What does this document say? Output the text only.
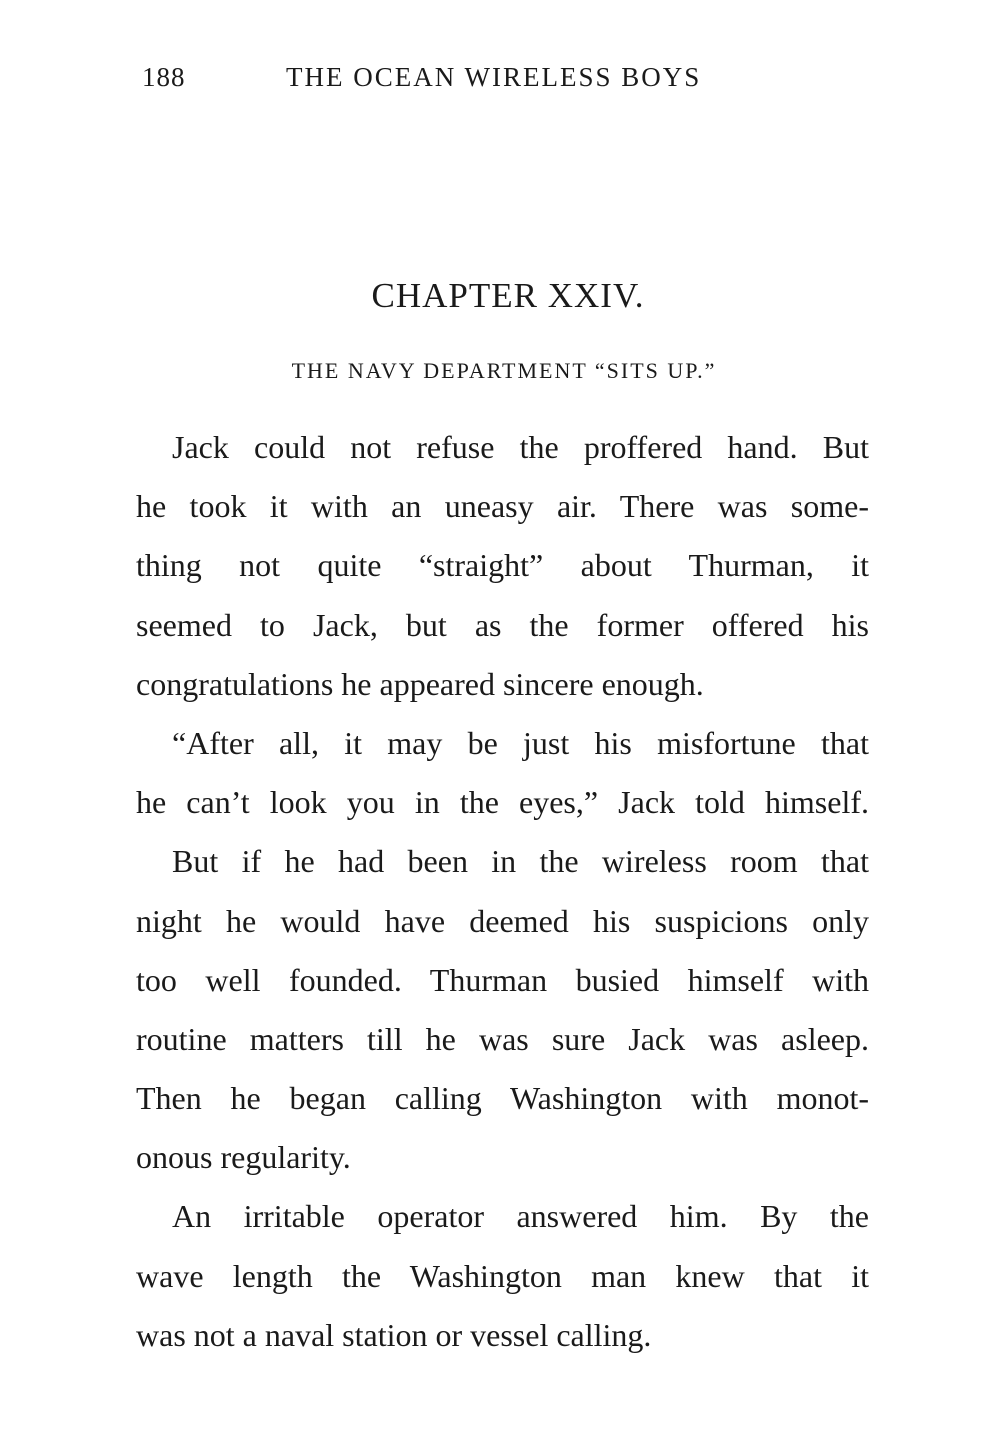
188	THE OCEAN WIRELESS BOYS
CHAPTER XXIV.
THE NAVY DEPARTMENT “SITS UP.”
Jack could not refuse the proffered hand. But
he took it with an uneasy air. There was some-
thing not quite “straight” about Thurman, it
seemed to Jack, but as the former offered his
congratulations he appeared sincere enough.
“After all, it may be just his misfortune that
he can’t look you in the eyes,” Jack told himself.
But if he had been in the wireless room that
night he would have deemed his suspicions only
too well founded. Thurman busied himself with
routine matters till he was sure Jack was asleep.
Then he began calling Washington with monot-
onous regularity.
An irritable operator answered him. By the
wave length the Washington man knew that it
was not a naval station or vessel calling.
